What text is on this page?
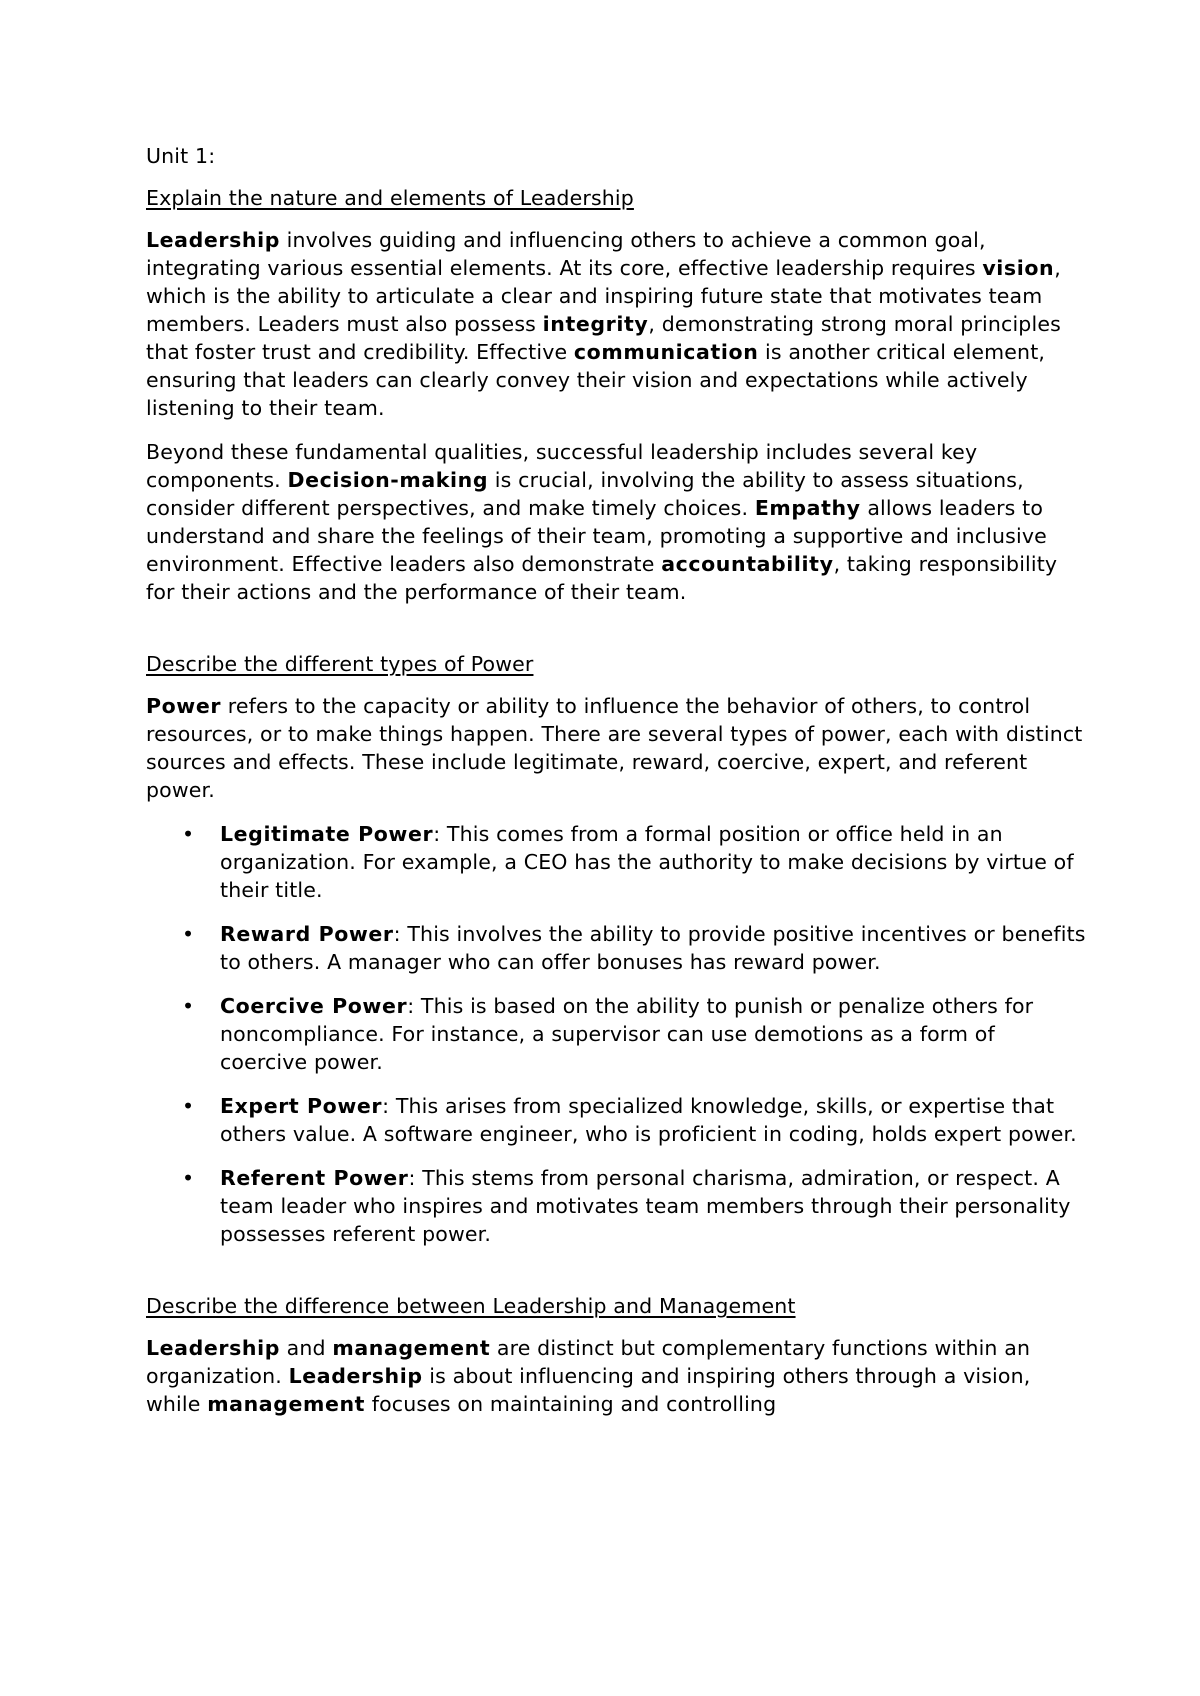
Unit 1:

Explain the nature and elements of Leadership

Leadership involves guiding and influencing others to achieve a common goal, integrating various essential elements. At its core, effective leadership requires vision, which is the ability to articulate a clear and inspiring future state that motivates team members. Leaders must also possess integrity, demonstrating strong moral principles that foster trust and credibility. Effective communication is another critical element, ensuring that leaders can clearly convey their vision and expectations while actively listening to their team.

Beyond these fundamental qualities, successful leadership includes several key components. Decision-making is crucial, involving the ability to assess situations, consider different perspectives, and make timely choices. Empathy allows leaders to understand and share the feelings of their team, promoting a supportive and inclusive environment. Effective leaders also demonstrate accountability, taking responsibility for their actions and the performance of their team.

Describe the different types of Power

Power refers to the capacity or ability to influence the behavior of others, to control resources, or to make things happen. There are several types of power, each with distinct sources and effects. These include legitimate, reward, coercive, expert, and referent power.

• Legitimate Power: This comes from a formal position or office held in an organization. For example, a CEO has the authority to make decisions by virtue of their title.
• Reward Power: This involves the ability to provide positive incentives or benefits to others. A manager who can offer bonuses has reward power.
• Coercive Power: This is based on the ability to punish or penalize others for noncompliance. For instance, a supervisor can use demotions as a form of coercive power.
• Expert Power: This arises from specialized knowledge, skills, or expertise that others value. A software engineer, who is proficient in coding, holds expert power.
• Referent Power: This stems from personal charisma, admiration, or respect. A team leader who inspires and motivates team members through their personality possesses referent power.

Describe the difference between Leadership and Management

Leadership and management are distinct but complementary functions within an organization. Leadership is about influencing and inspiring others through a vision, while management focuses on maintaining and controlling
